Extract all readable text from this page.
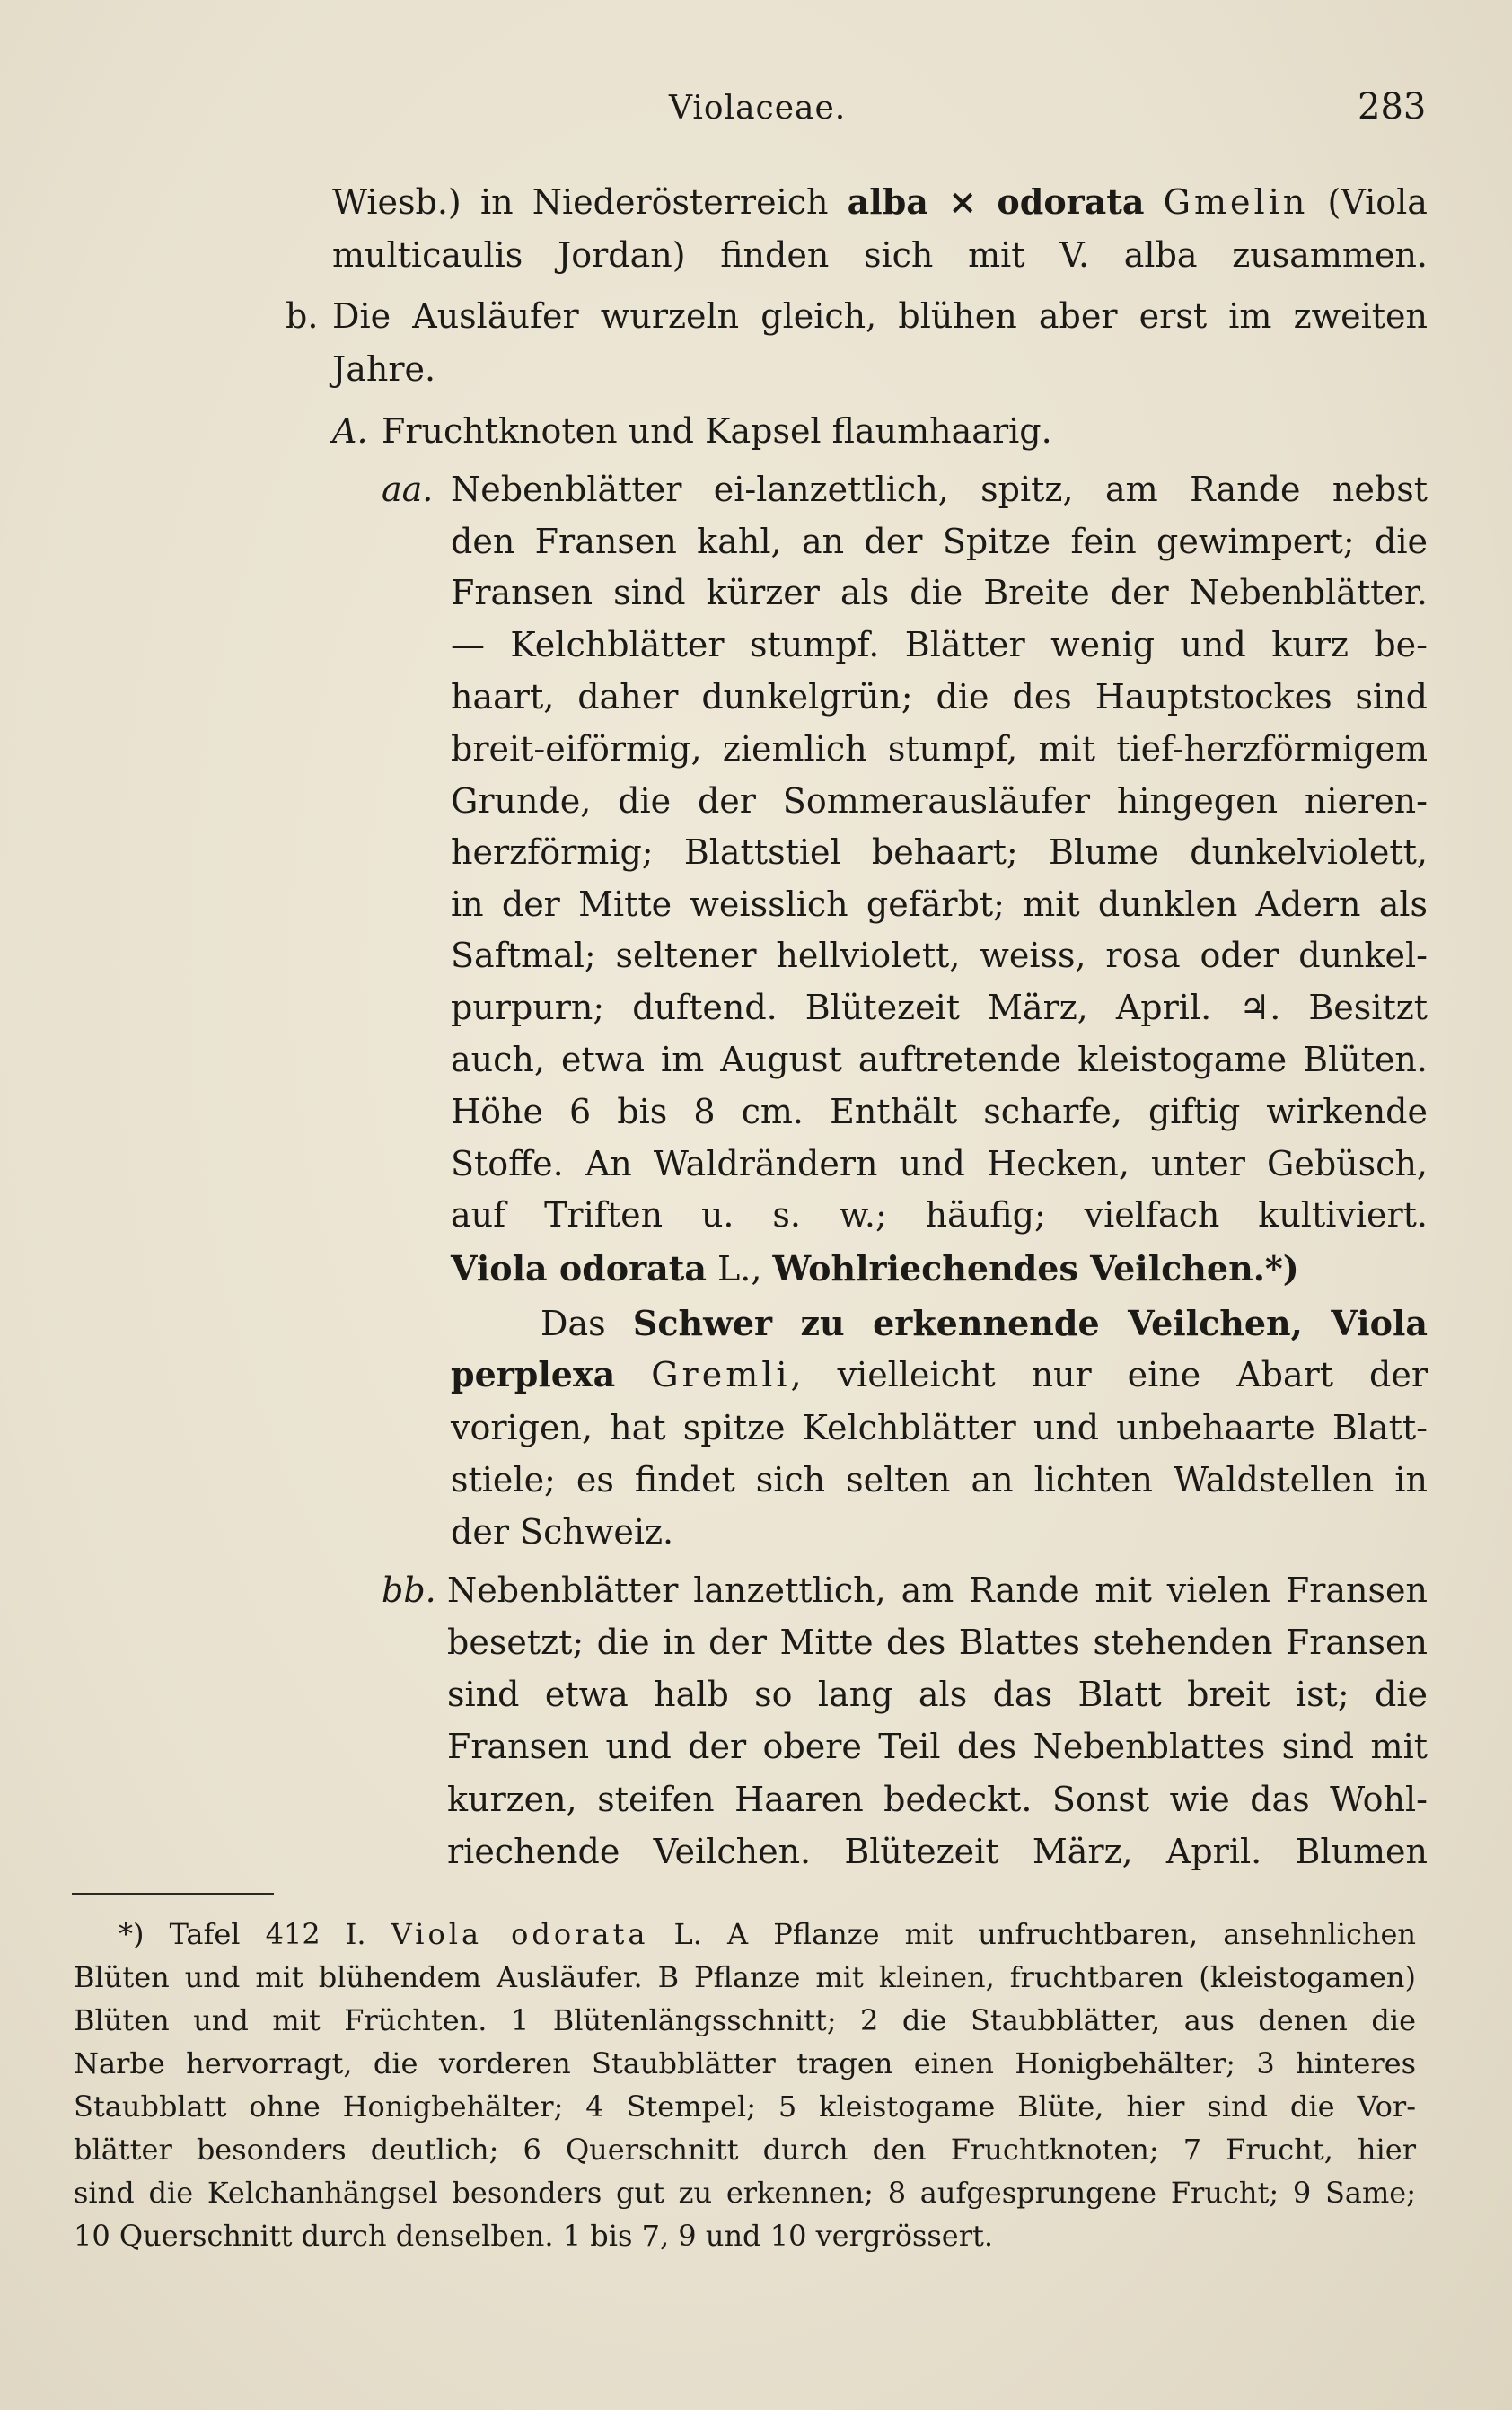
Violaceae.	283
Wiesb.) in Niederösterreich alba × odorata Gmelin (Viola
multicaulis Jordan) finden sich mit V. alba zusammen.
Die Ausläufer wurzeln gleich, blühen aber erst im zweiten
Jahre.
Fruchtknoten und Kapsel flaumhaarig.
Nebenblätter ei-lanzettlich, spitz, am Rande nebst
den Fransen kahl, an der Spitze fein gewimpert; die
Fransen sind kürzer als die Breite der Nebenblätter.
— Kelchblätter stumpf. Blätter wenig und kurz be-
haart, daher dunkelgrün; die des Hauptstockes sind
breit-eiförmig, ziemlich stumpf, mit tief-herzförmigem
Grunde, die der Sommerausläufer hingegen nieren-
herzförmig; Blattstiel behaart; Blume dunkelviolett,
in der Mitte weisslich gefärbt; mit dunklen Adern als
Saftmal; seltener hellviolett, weiss, rosa oder dunkel-
purpurn; duftend. Blütezeit März, April. ♃. Besitzt
auch, etwa im August auftretende kleistogame Blüten.
Höhe 6 bis 8 cm. Enthält scharfe, giftig wirkende
Stoffe. An Waldrändern und Hecken, unter Gebüsch,
auf Triften u. s. w.; häufig; vielfach kultiviert.
Viola odorata L., Wohlriechendes Veilchen.*)
Das Schwer zu erkennende Veilchen, Viola
perplexa Gremli, vielleicht nur eine Abart der
vorigen, hat spitze Kelchblätter und unbehaarte Blatt-
stiele; es findet sich selten an lichten Waldstellen in
der Schweiz.
Nebenblätter lanzettlich, am Rande mit vielen Fransen
besetzt; die in der Mitte des Blattes stehenden Fransen
sind etwa halb so lang als das Blatt breit ist; die
Fransen und der obere Teil des Nebenblattes sind mit
kurzen, steifen Haaren bedeckt. Sonst wie das Wohl-
riechende Veilchen. Blütezeit März, April. Blumen
b.
A.
aa.
bb.
*) Tafel 412 I. Viola odorata L. A Pflanze mit unfruchtbaren, ansehnlichen
Blüten und mit blühendem Ausläufer. B Pflanze mit kleinen, fruchtbaren (kleistogamen)
Blüten und mit Früchten. 1 Blütenlängsschnitt; 2 die Staubblätter, aus denen die
Narbe hervorragt, die vorderen Staubblätter tragen einen Honigbehälter; 3 hinteres
Staubblatt ohne Honigbehälter; 4 Stempel; 5 kleistogame Blüte, hier sind die Vor-
blätter besonders deutlich; 6 Querschnitt durch den Fruchtknoten; 7 Frucht, hier
sind die Kelchanhängsel besonders gut zu erkennen; 8 aufgesprungene Frucht; 9 Same;
10 Querschnitt durch denselben. 1 bis 7, 9 und 10 vergrössert.
